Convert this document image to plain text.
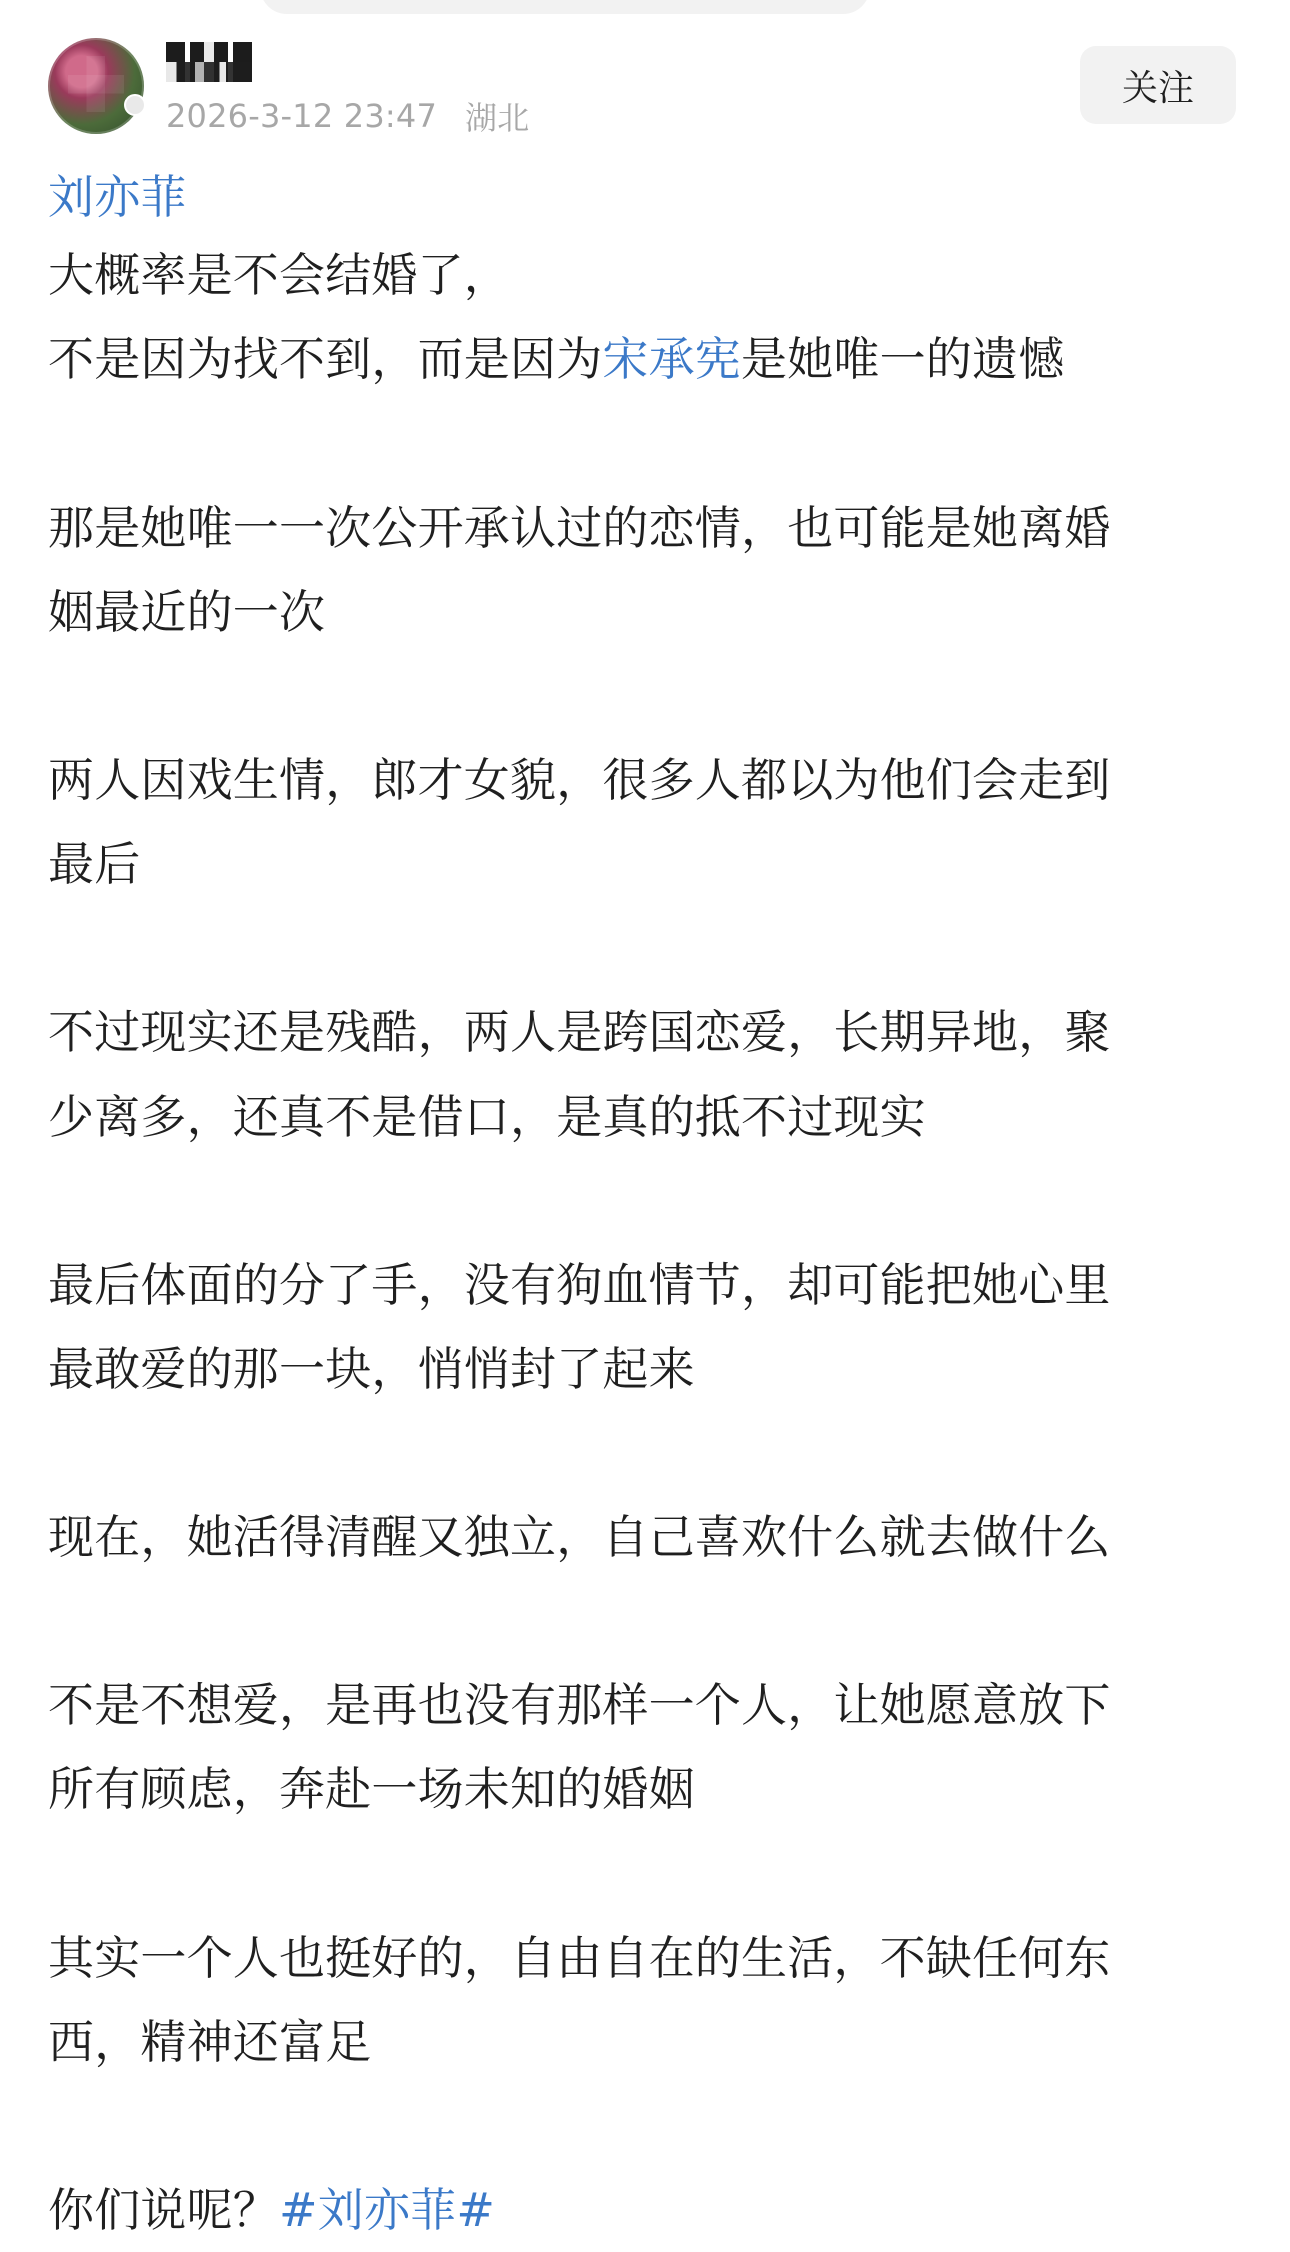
2026-3-12 23:47 湖北
关注
刘亦菲
大概率是不会结婚了，
不是因为找不到，而是因为宋承宪是她唯一的遗憾
那是她唯一一次公开承认过的恋情，也可能是她离婚
姻最近的一次
两人因戏生情，郎才女貌，很多人都以为他们会走到
最后
不过现实还是残酷，两人是跨国恋爱，长期异地，聚
少离多，还真不是借口，是真的抵不过现实
最后体面的分了手，没有狗血情节，却可能把她心里
最敢爱的那一块，悄悄封了起来
现在，她活得清醒又独立，自己喜欢什么就去做什么
不是不想爱，是再也没有那样一个人，让她愿意放下
所有顾虑，奔赴一场未知的婚姻
其实一个人也挺好的，自由自在的生活，不缺任何东
西，精神还富足
你们说呢？#刘亦菲#
